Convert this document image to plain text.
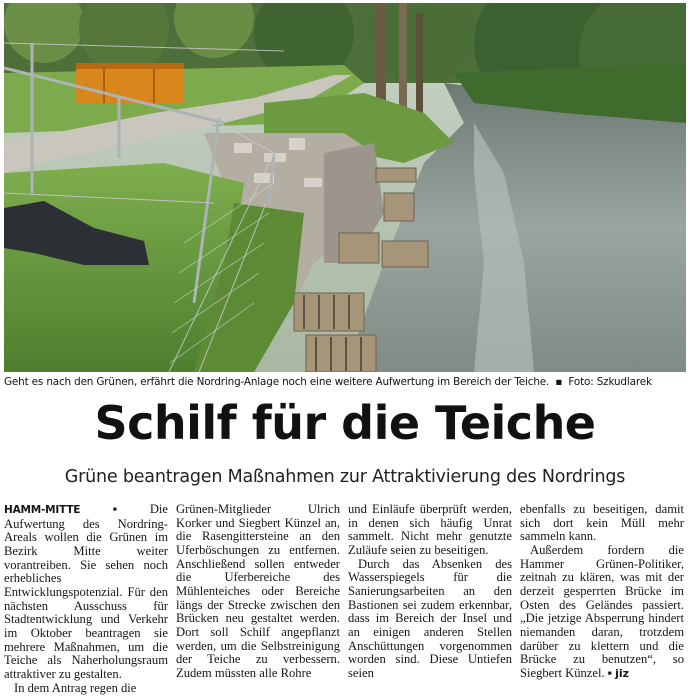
Geht es nach den Grünen, erfährt die Nordring-Anlage noch eine weitere Aufwertung im Bereich der Teiche. ▪ Foto: Szkudlarek
Schilf für die Teiche
Grüne beantragen Maßnahmen zur Attraktivierung des Nordrings

HAMM-MITTE ▪ Die Aufwertung des Nordring-Areals wollen die Grünen im Bezirk Mitte weiter vorantreiben. Sie sehen noch erhebliches Entwicklungspotenzial. Für den nächsten Ausschuss für Stadtentwicklung und Verkehr im Oktober beantragen sie mehrere Maßnahmen, um die Teiche als Naherholungsraum attraktiver zu gestalten.

In dem Antrag regen die

Grünen-Mitglieder Ulrich Korker und Siegbert Künzel an, die Rasengittersteine an den Uferböschungen zu entfernen. Anschließend sollen entweder die Uferbereiche des Mühlenteiches oder Bereiche längs der Strecke zwischen den Brücken neu gestaltet werden. Dort soll Schilf angepflanzt werden, um die Selbstreinigung der Teiche zu verbessern. Zudem müssten alle Rohre

und Einläufe überprüft werden, in denen sich häufig Unrat sammelt. Nicht mehr genutzte Zuläufe seien zu beseitigen.

Durch das Absenken des Wasserspiegels für die Sanierungsarbeiten an den Bastionen sei zudem erkennbar, dass im Bereich der Insel und an einigen anderen Stellen Anschüttungen vorgenommen worden sind. Diese Untiefen seien

ebenfalls zu beseitigen, damit sich dort kein Müll mehr sammeln kann.

Außerdem fordern die Hammer Grünen-Politiker, zeitnah zu klären, was mit der derzeit gesperrten Brücke im Osten des Geländes passiert. „Die jetzige Absperrung hindert niemanden daran, trotzdem darüber zu klettern und die Brücke zu benutzen“, so Siegbert Künzel. ▪ jiz
